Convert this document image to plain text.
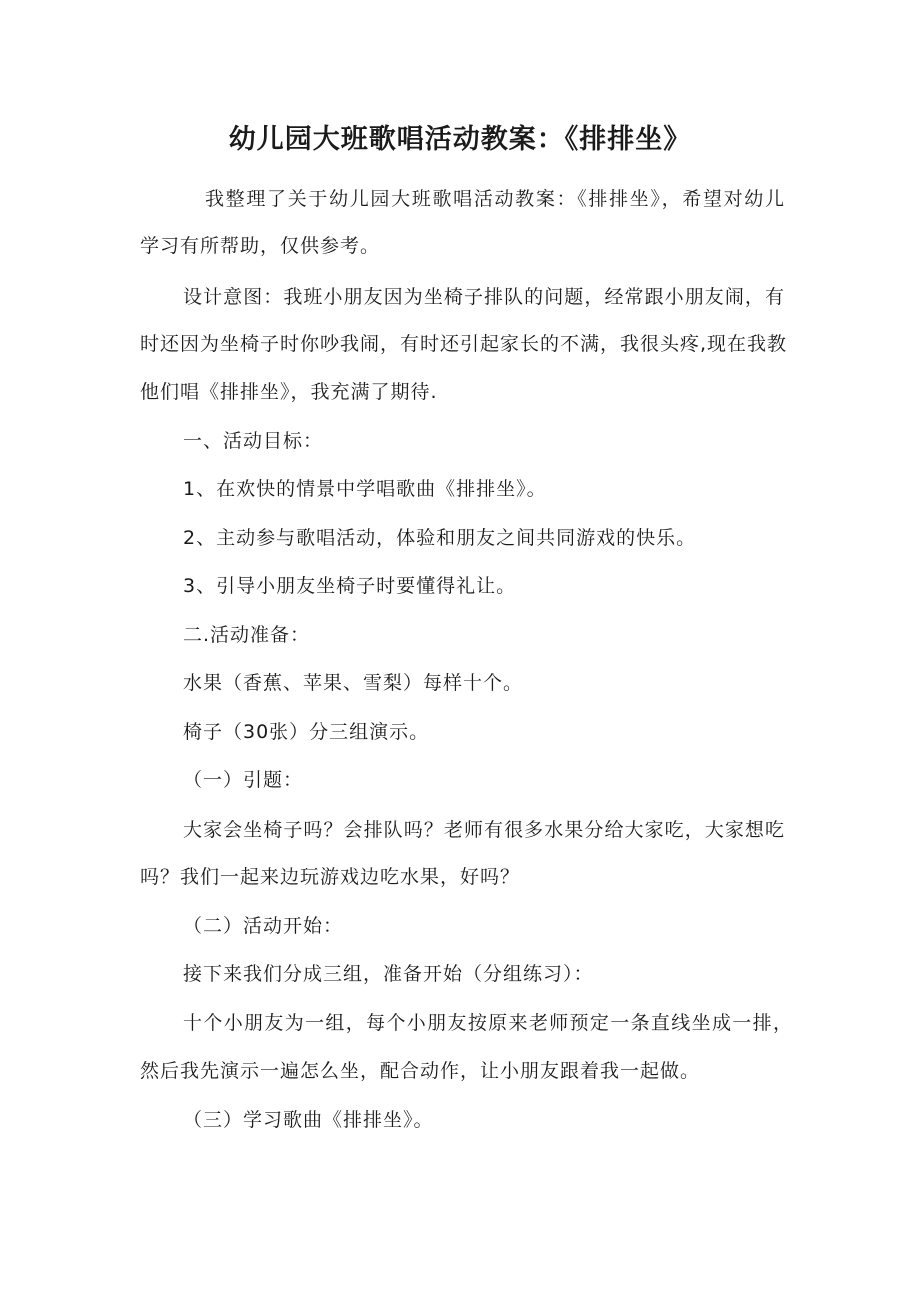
幼儿园大班歌唱活动教案：《排排坐》
我整理了关于幼儿园大班歌唱活动教案：《排排坐》，希望对幼儿
学习有所帮助，仅供参考。
设计意图：我班小朋友因为坐椅子排队的问题，经常跟小朋友闹，有
时还因为坐椅子时你吵我闹，有时还引起家长的不满，我很头疼,现在我教
他们唱《排排坐》，我充满了期待.
一、活动目标：
1、在欢快的情景中学唱歌曲《排排坐》。
2、主动参与歌唱活动，体验和朋友之间共同游戏的快乐。
3、引导小朋友坐椅子时要懂得礼让。
二.活动准备：
水果（香蕉、苹果、雪梨）每样十个。
椅子（30张）分三组演示。
（一）引题：
大家会坐椅子吗？会排队吗？老师有很多水果分给大家吃，大家想吃
吗？我们一起来边玩游戏边吃水果，好吗？
（二）活动开始：
接下来我们分成三组，准备开始（分组练习）：
十个小朋友为一组，每个小朋友按原来老师预定一条直线坐成一排，
然后我先演示一遍怎么坐，配合动作，让小朋友跟着我一起做。
（三）学习歌曲《排排坐》。
